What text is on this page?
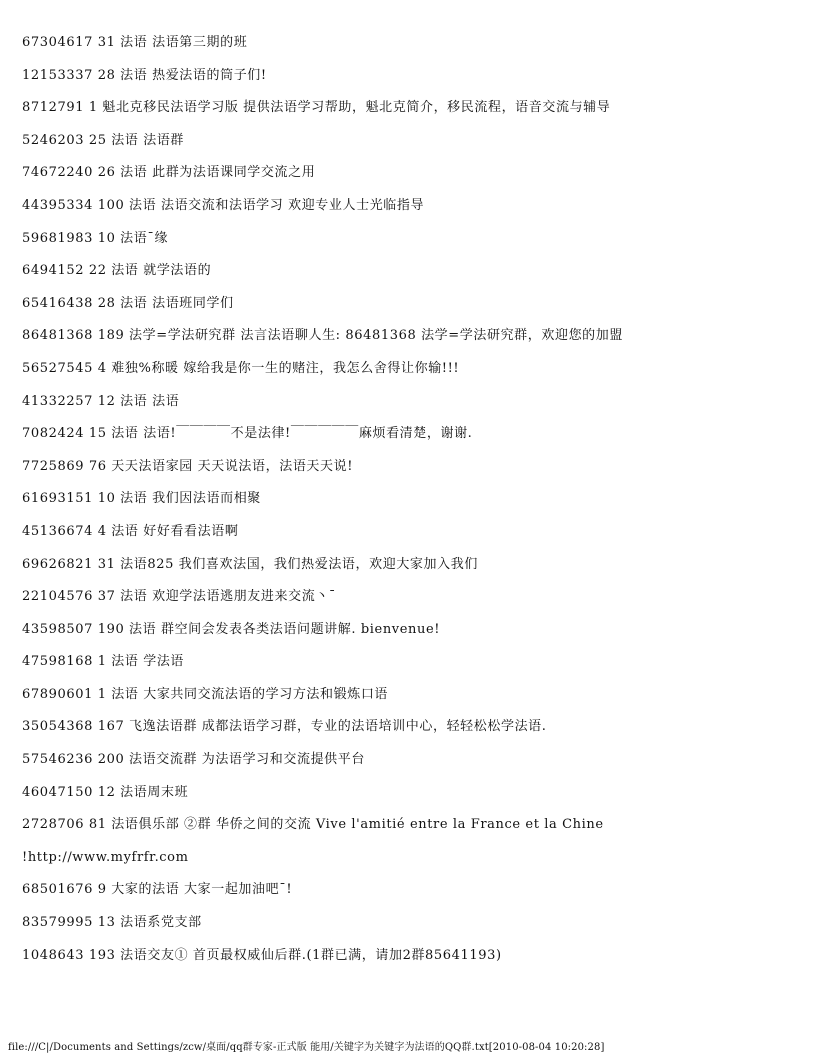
67304617 31 法语 法语第三期的班
12153337 28 法语 热爱法语的筒子们!
8712791 1 魁北克移民法语学习版 提供法语学习帮助，魁北克简介，移民流程，语音交流与辅导
5246203 25 法语 法语群
74672240 26 法语 此群为法语课同学交流之用
44395334 100 法语 法语交流和法语学习 欢迎专业人士光临指导
59681983 10 法语¯缘
6494152 22 法语 就学法语的
65416438 28 法语 法语班同学们
86481368 189 法学=学法研究群 法言法语聊人生: 86481368 法学=学法研究群，欢迎您的加盟
56527545 4 难独%称暖 嫁给我是你一生的赌注，我怎么舍得让你输!!!
41332257 12 法语 法语
7082424 15 法语 法语!￣￣￣￣不是法律!￣￣￣￣￣麻烦看清楚，谢谢.
7725869 76 天天法语家园 天天说法语，法语天天说!
61693151 10 法语 我们因法语而相聚
45136674 4 法语 好好看看法语啊
69626821 31 法语825 我们喜欢法国，我们热爱法语，欢迎大家加入我们
22104576 37 法语 欢迎学法语逃朋友进来交流丶¯
43598507 190 法语 群空间会发表各类法语问题讲解. bienvenue!
47598168 1 法语 学法语
67890601 1 法语 大家共同交流法语的学习方法和锻炼口语
35054368 167 飞逸法语群 成都法语学习群，专业的法语培训中心，轻轻松松学法语.
57546236 200 法语交流群 为法语学习和交流提供平台
46047150 12 法语周末班
2728706 81 法语俱乐部 ②群 华侨之间的交流 Vive l'amitié entre la France et la Chine
!http://www.myfrfr.com
68501676 9 大家的法语 大家一起加油吧¯!
83579995 13 法语系党支部
1048643 193 法语交友① 首页最权威仙后群.(1群已满，请加2群85641193)
file:///C|/Documents and Settings/zcw/桌面/qq群专家-正式版 能用/关键字为关键字为法语的QQ群.txt[2010-08-04 10:20:28]
